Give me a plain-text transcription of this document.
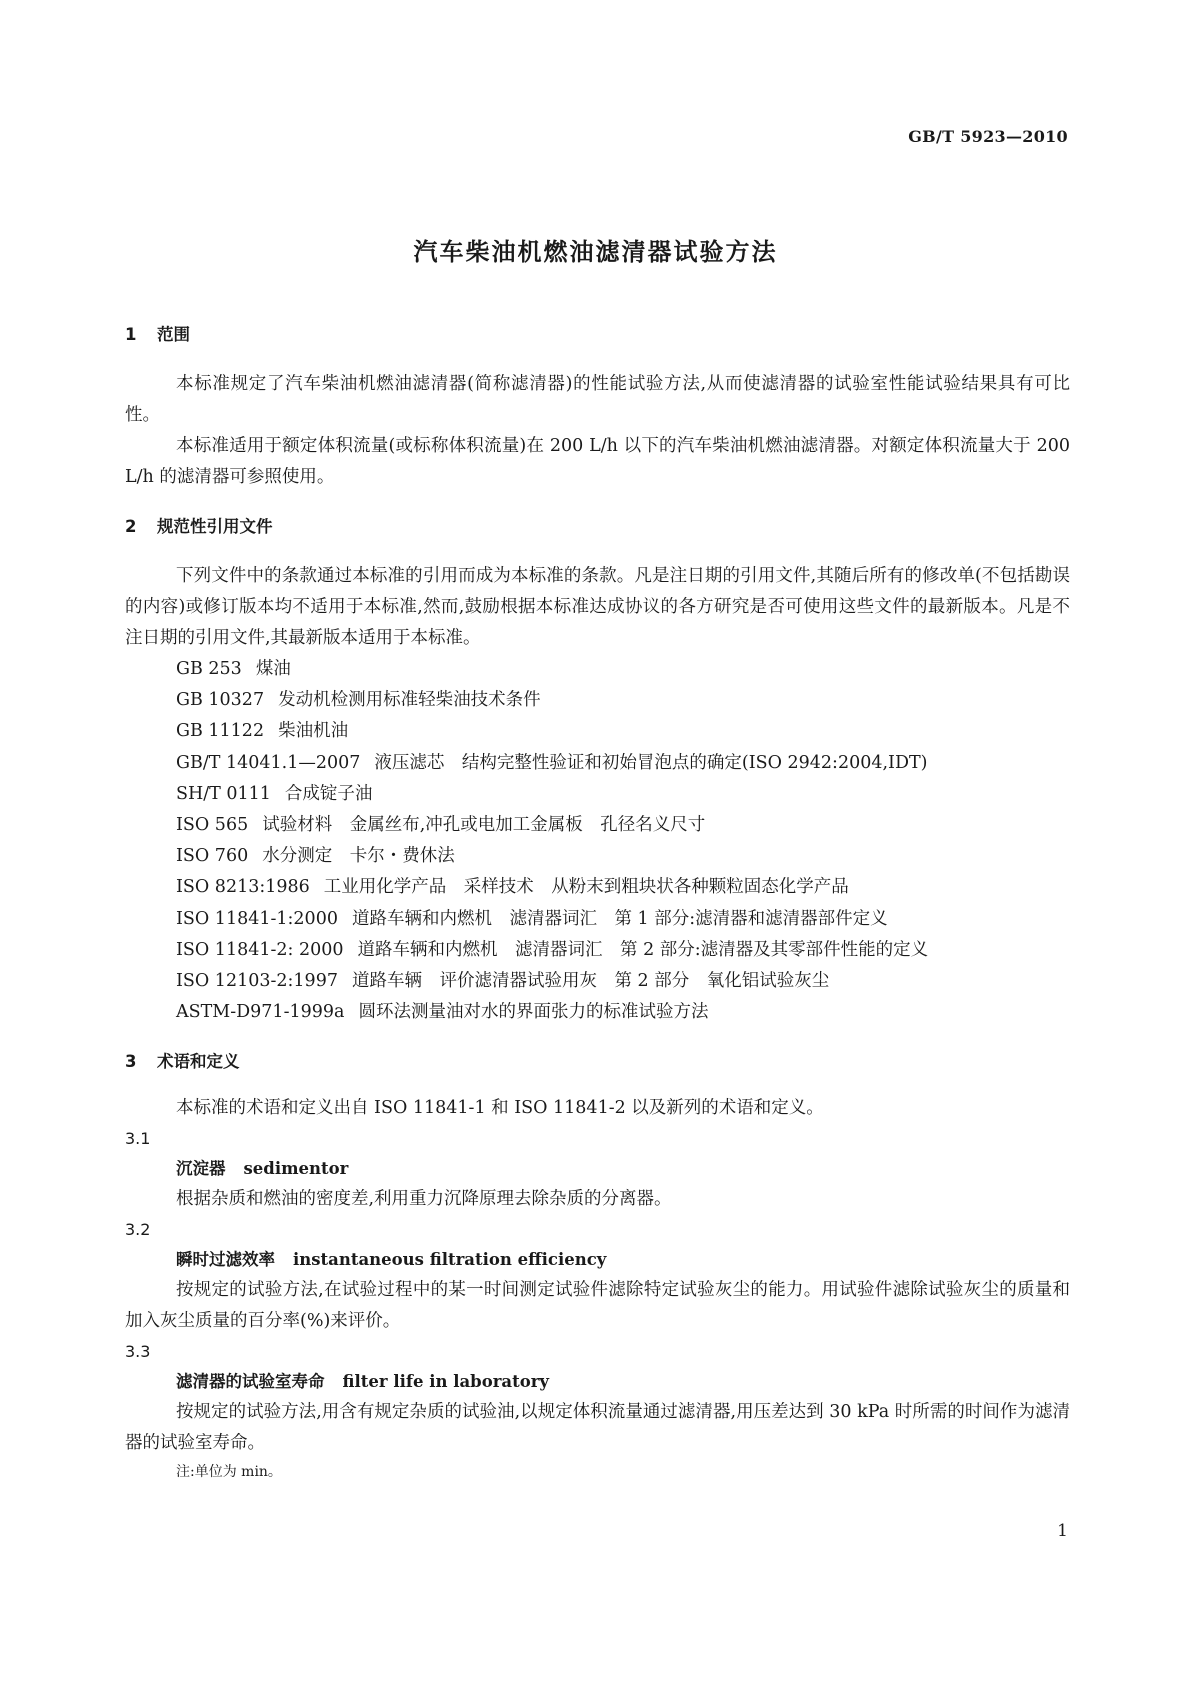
GB/T 5923—2010
汽车柴油机燃油滤清器试验方法

1 范围

本标准规定了汽车柴油机燃油滤清器(简称滤清器)的性能试验方法,从而使滤清器的试验室性能试验结果具有可比性。

本标准适用于额定体积流量(或标称体积流量)在 200 L/h 以下的汽车柴油机燃油滤清器。对额定体积流量大于 200 L/h 的滤清器可参照使用。

2 规范性引用文件

下列文件中的条款通过本标准的引用而成为本标准的条款。凡是注日期的引用文件,其随后所有的修改单(不包括勘误的内容)或修订版本均不适用于本标准,然而,鼓励根据本标准达成协议的各方研究是否可使用这些文件的最新版本。凡是不注日期的引用文件,其最新版本适用于本标准。

GB 253 煤油

GB 10327 发动机检测用标准轻柴油技术条件

GB 11122 柴油机油

GB/T 14041.1—2007 液压滤芯　结构完整性验证和初始冒泡点的确定(ISO 2942:2004,IDT)

SH/T 0111 合成锭子油

ISO 565 试验材料　金属丝布,冲孔或电加工金属板　孔径名义尺寸

ISO 760 水分测定　卡尔・费休法

ISO 8213:1986 工业用化学产品　采样技术　从粉末到粗块状各种颗粒固态化学产品

ISO 11841-1:2000 道路车辆和内燃机　滤清器词汇　第 1 部分:滤清器和滤清器部件定义

ISO 11841-2: 2000 道路车辆和内燃机　滤清器词汇　第 2 部分:滤清器及其零部件性能的定义

ISO 12103-2:1997 道路车辆　评价滤清器试验用灰　第 2 部分　氧化铝试验灰尘

ASTM-D971-1999a 圆环法测量油对水的界面张力的标准试验方法

3 术语和定义

本标准的术语和定义出自 ISO 11841-1 和 ISO 11841-2 以及新列的术语和定义。

3.1

沉淀器 sedimentor

根据杂质和燃油的密度差,利用重力沉降原理去除杂质的分离器。

3.2

瞬时过滤效率 instantaneous filtration efficiency

按规定的试验方法,在试验过程中的某一时间测定试验件滤除特定试验灰尘的能力。用试验件滤除试验灰尘的质量和加入灰尘质量的百分率(%)来评价。

3.3

滤清器的试验室寿命 filter life in laboratory

按规定的试验方法,用含有规定杂质的试验油,以规定体积流量通过滤清器,用压差达到 30 kPa 时所需的时间作为滤清器的试验室寿命。

注:单位为 min。

1
